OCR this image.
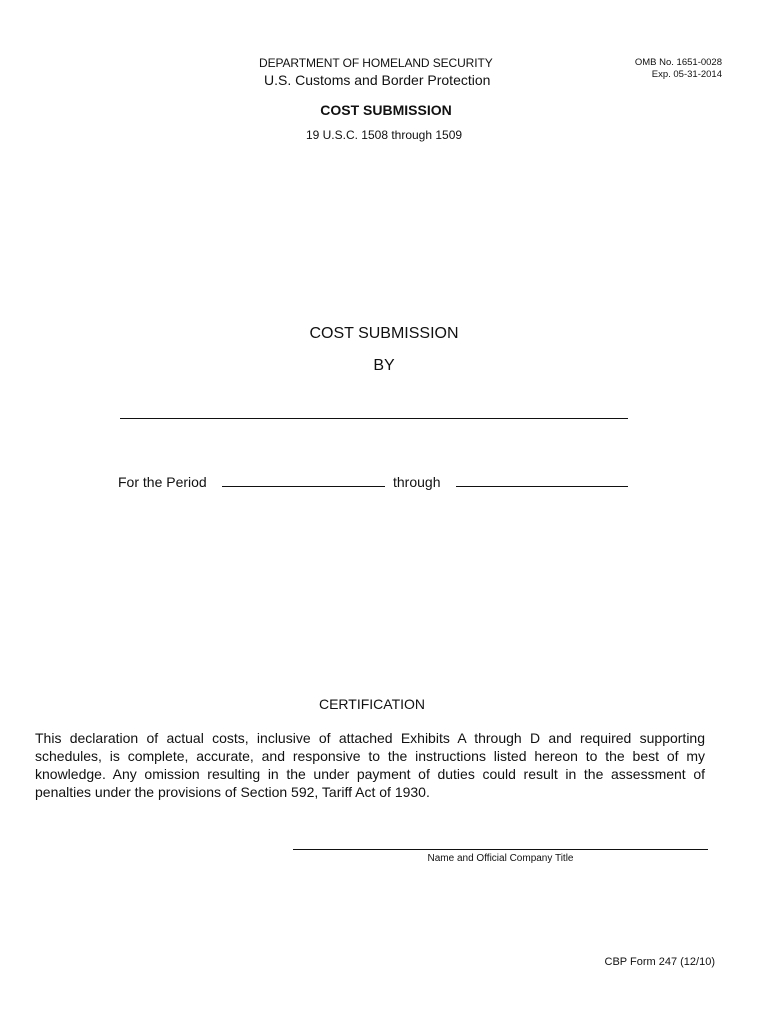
DEPARTMENT OF HOMELAND SECURITY
U.S. Customs and Border Protection
OMB No. 1651-0028
Exp. 05-31-2014
COST SUBMISSION
19 U.S.C. 1508 through 1509
COST SUBMISSION
BY
For the Period	through
CERTIFICATION
This declaration of actual costs, inclusive of attached Exhibits A through D and required supporting schedules, is complete, accurate, and responsive to the instructions listed hereon to the best of my knowledge. Any omission resulting in the under payment of duties could result in the assessment of penalties under the provisions of Section 592, Tariff Act of 1930.
Name and Official Company Title
CBP Form 247 (12/10)
